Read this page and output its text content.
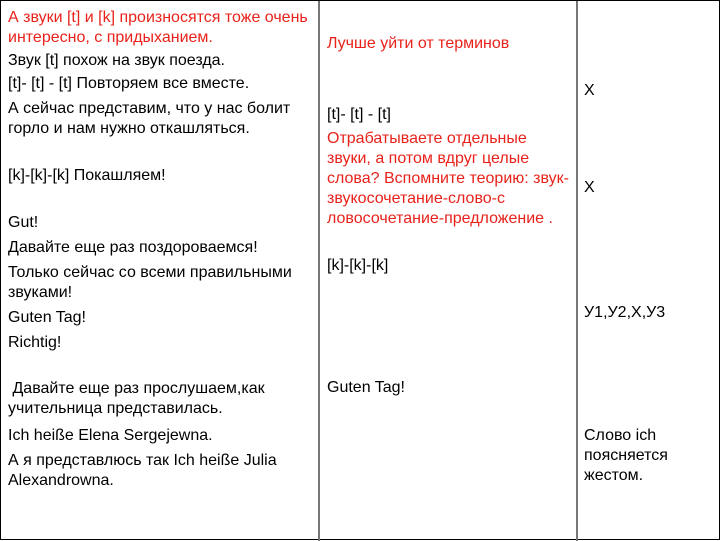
А звуки [t] и [k] произносятся тоже очень интересно, с придыханием.

Звук [t] похож на звук поезда.

[t]- [t] - [t] Повторяем все вместе.

А сейчас представим, что у нас болит горло и нам нужно откашляться.

[k]-[k]-[k] Покашляем!

Gut!

Давайте еще раз поздороваемся!

Только сейчас со всеми правильными звуками!

Guten Tag!

Richtig!

Давайте еще раз прослушаем,как учительница представилась.

Ich heiße Elena Sergejewna.

А я представлюсь так Ich heiße Julia Alexandrowna.

Лучше уйти от терминов

[t]- [t] - [t]

Отрабатываете отдельные звуки, а потом вдруг целые слова? Вспомните теорию: звук-звукосочетание-слово-с ловосочетание-предложение .

[k]-[k]-[k]

Guten Tag!

Х

Х

У1,У2,Х,У3

Слово ich поясняется жестом.
